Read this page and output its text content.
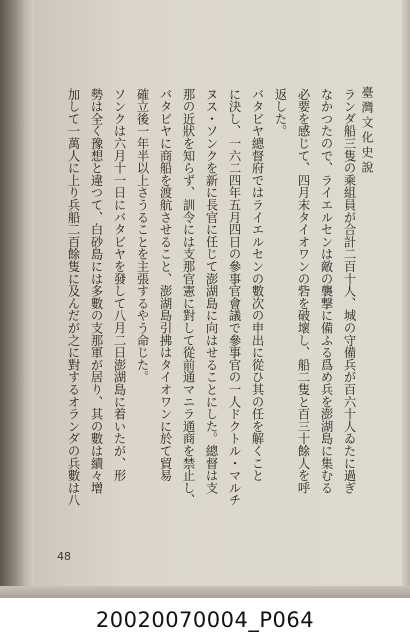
臺灣文化史說
ランダ船三隻の乘組員が合計二百十人、城の守備兵が百六十人ゐたに過ぎ
なかつたので、ライエルセンは敵の襲撃に備ふる爲め兵を澎湖島に集むる
必要を感じて、四月末タイオワンの砦を破壞し、船二隻と百三十餘人を呼
返した。
バタビヤ總督府ではライエルセンの數次の申出に從ひ其の任を解くこと
に決し、一六二四年五月四日の參事官會議で參事官の一人ドクトル・マルチ
ヌス・ソンクを新に長官に任じて澎湖島に向はせることにした。總督は支
那の近狀を知らず、訓令には支那官憲に對して從前通マニラ通商を禁止し、
バタビヤに商船を渡航させること、澎湖島引拂はタイオワンに於て貿易
確立後一年半以上さうることを主張するやう命じた。
ソンクは六月十一日にバタビヤを發して八月二日澎湖島に着いたが、形
勢は全く豫想と違つて、白砂島には多數の支那軍が居り、其の數は續々增
加して一萬人に上り兵船二百餘隻に及んだが之に對するオランダの兵數は八
48
20020070004_P064
